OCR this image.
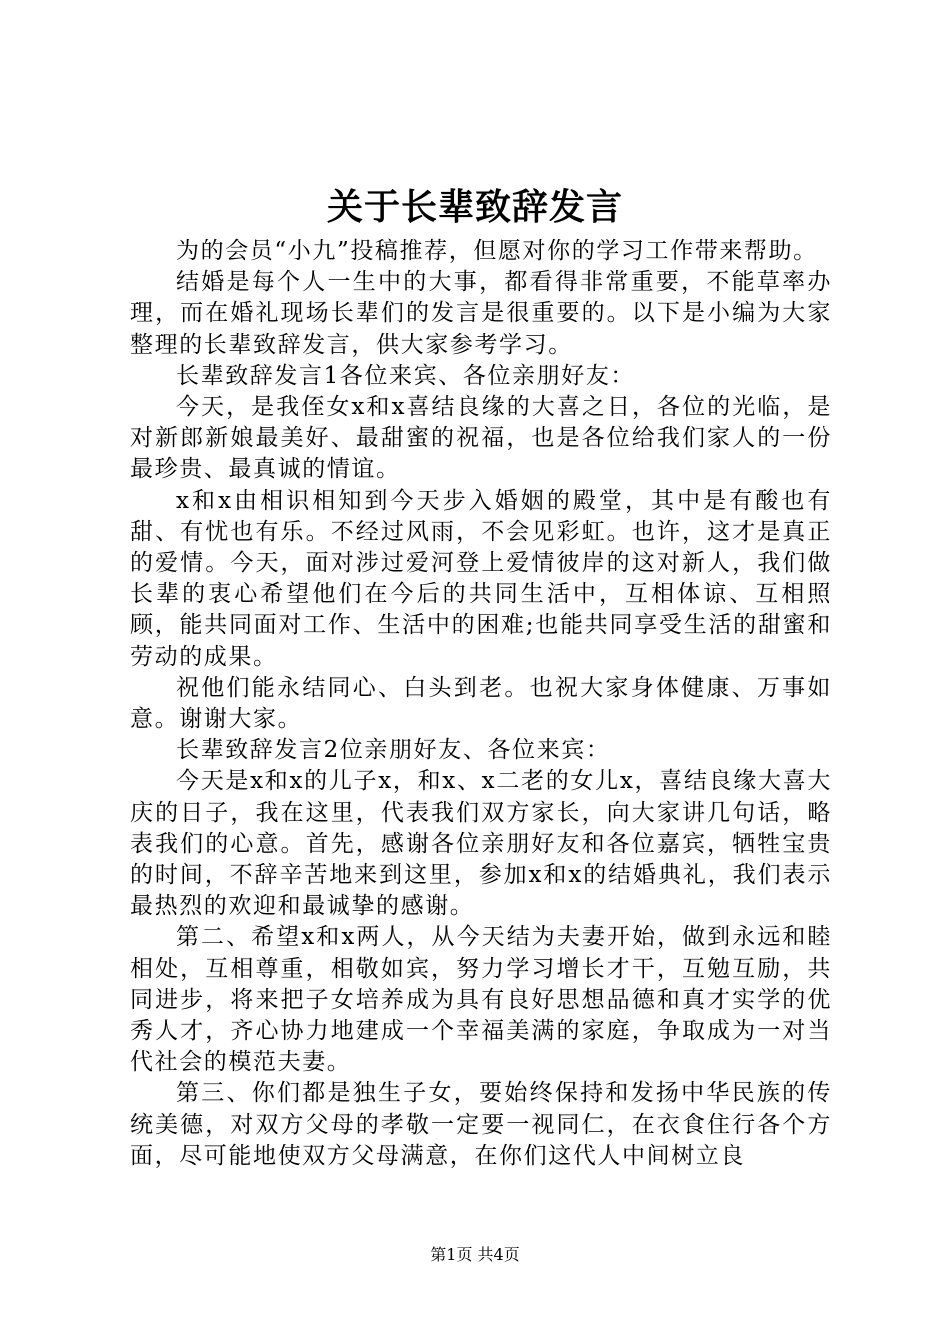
关于长辈致辞发言

为的会员“小九”投稿推荐，但愿对你的学习工作带来帮助。

结婚是每个人一生中的大事，都看得非常重要，不能草率办理，而在婚礼现场长辈们的发言是很重要的。以下是小编为大家整理的长辈致辞发言，供大家参考学习。

长辈致辞发言1各位来宾、各位亲朋好友：

今天，是我侄女x和x喜结良缘的大喜之日，各位的光临，是对新郎新娘最美好、最甜蜜的祝福，也是各位给我们家人的一份最珍贵、最真诚的情谊。

x和x由相识相知到今天步入婚姻的殿堂，其中是有酸也有甜、有忧也有乐。不经过风雨，不会见彩虹。也许，这才是真正的爱情。今天，面对涉过爱河登上爱情彼岸的这对新人，我们做长辈的衷心希望他们在今后的共同生活中，互相体谅、互相照顾，能共同面对工作、生活中的困难;也能共同享受生活的甜蜜和劳动的成果。

祝他们能永结同心、白头到老。也祝大家身体健康、万事如意。谢谢大家。

长辈致辞发言2位亲朋好友、各位来宾：

今天是x和x的儿子x，和x、x二老的女儿x，喜结良缘大喜大庆的日子，我在这里，代表我们双方家长，向大家讲几句话，略表我们的心意。首先，感谢各位亲朋好友和各位嘉宾，牺牲宝贵的时间，不辞辛苦地来到这里，参加x和x的结婚典礼，我们表示最热烈的欢迎和最诚挚的感谢。

第二、希望x和x两人，从今天结为夫妻开始，做到永远和睦相处，互相尊重，相敬如宾，努力学习增长才干，互勉互励，共同进步，将来把子女培养成为具有良好思想品德和真才实学的优秀人才，齐心协力地建成一个幸福美满的家庭，争取成为一对当代社会的模范夫妻。

第三、你们都是独生子女，要始终保持和发扬中华民族的传统美德，对双方父母的孝敬一定要一视同仁，在衣食住行各个方面，尽可能地使双方父母满意，在你们这代人中间树立良

第1页 共4页
